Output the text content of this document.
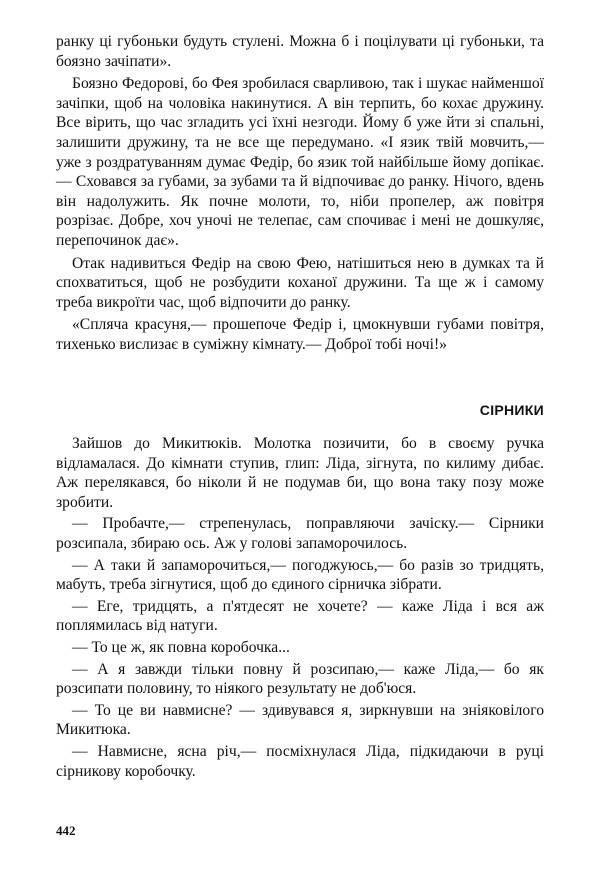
ранку ці губоньки будуть стулені. Можна б і поцілувати ці губоньки, та боязно зачіпати».

Боязно Федорові, бо Фея зробилася сварливою, так і шукає найменшої зачіпки, щоб на чоловіка накинутися. А він терпить, бо кохає дружину. Все вірить, що час згладить усі їхні незгоди. Йому б уже йти зі спальні, залишити дружину, та не все ще передумано. «І язик твій мовчить,— уже з роздратуванням думає Федір, бо язик той найбільше йому допікає.— Сховався за губами, за зубами та й відпочиває до ранку. Нічого, вдень він надолужить. Як почне молоти, то, ніби пропелер, аж повітря розрізає. Добре, хоч уночі не телепає, сам спочиває і мені не дошкуляє, перепочинок дає».

Отак надивиться Федір на свою Фею, натішиться нею в думках та й спохватиться, щоб не розбудити коханої дружини. Та ще ж і самому треба викроїти час, щоб відпочити до ранку.

«Спляча красуня,— прошепоче Федір і, цмокнувши губами повітря, тихенько вислизає в суміжну кімнату.— Доброї тобі ночі!»

СІРНИКИ

Зайшов до Микитюків. Молотка позичити, бо в своєму ручка відламалася. До кімнати ступив, глип: Ліда, зігнута, по килиму дибає. Аж перелякався, бо ніколи й не подумав би, що вона таку позу може зробити.

— Пробачте,— стрепенулась, поправляючи зачіску.— Сірники розсипала, збираю ось. Аж у голові запаморочилось.

— А таки й запаморочиться,— погоджуюсь,— бо разів зо тридцять, мабуть, треба зігнутися, щоб до єдиного сірничка зібрати.

— Еге, тридцять, а п'ятдесят не хочете? — каже Ліда і вся аж поплямилась від натуги.

— То це ж, як повна коробочка...

— А я завжди тільки повну й розсипаю,— каже Ліда,— бо як розсипати половину, то ніякого результату не доб'юся.

— То це ви навмисне? — здивувався я, зиркнувши на зніяковілого Микитюка.

— Навмисне, ясна річ,— посміхнулася Ліда, підкидаючи в руці сірникову коробочку.

442
